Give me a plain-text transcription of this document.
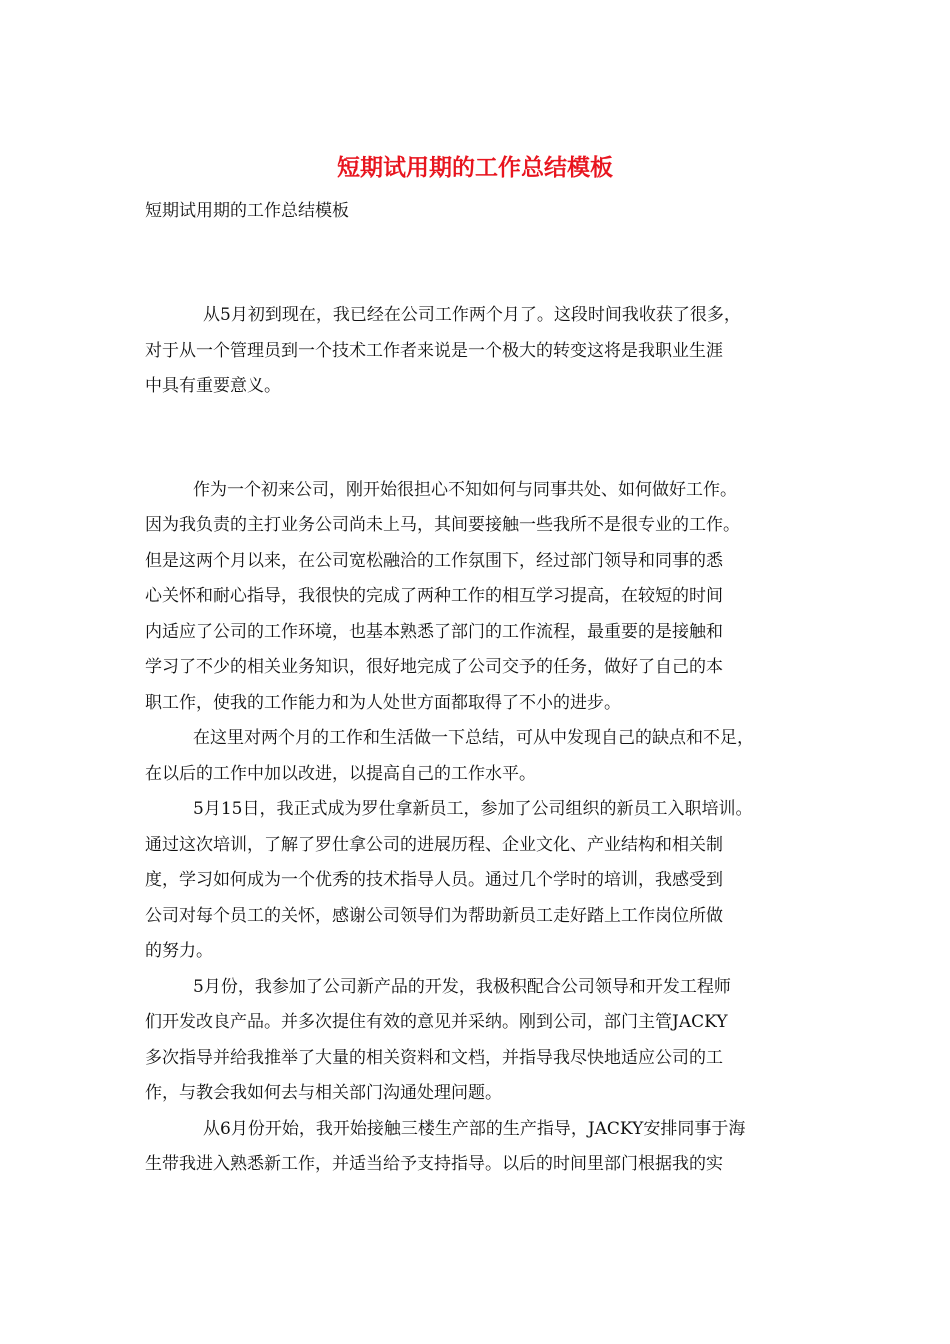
短期试用期的工作总结模板
短期试用期的工作总结模板
从5月初到现在，我已经在公司工作两个月了。这段时间我收获了很多，
对于从一个管理员到一个技术工作者来说是一个极大的转变这将是我职业生涯
中具有重要意义。
作为一个初来公司，刚开始很担心不知如何与同事共处、如何做好工作。
因为我负责的主打业务公司尚未上马，其间要接触一些我所不是很专业的工作。
但是这两个月以来，在公司宽松融洽的工作氛围下，经过部门领导和同事的悉
心关怀和耐心指导，我很快的完成了两种工作的相互学习提高，在较短的时间
内适应了公司的工作环境，也基本熟悉了部门的工作流程，最重要的是接触和
学习了不少的相关业务知识，很好地完成了公司交予的任务，做好了自己的本
职工作，使我的工作能力和为人处世方面都取得了不小的进步。
在这里对两个月的工作和生活做一下总结，可从中发现自己的缺点和不足，
在以后的工作中加以改进，以提高自己的工作水平。
5月15日，我正式成为罗仕拿新员工，参加了公司组织的新员工入职培训。
通过这次培训，了解了罗仕拿公司的进展历程、企业文化、产业结构和相关制
度，学习如何成为一个优秀的技术指导人员。通过几个学时的培训，我感受到
公司对每个员工的关怀，感谢公司领导们为帮助新员工走好踏上工作岗位所做
的努力。
5月份，我参加了公司新产品的开发，我极积配合公司领导和开发工程师
们开发改良产品。并多次提住有效的意见并采纳。刚到公司，部门主管JACKY
多次指导并给我推举了大量的相关资料和文档，并指导我尽快地适应公司的工
作，与教会我如何去与相关部门沟通处理问题。
从6月份开始，我开始接触三楼生产部的生产指导，JACKY安排同事于海
生带我进入熟悉新工作，并适当给予支持指导。以后的时间里部门根据我的实
